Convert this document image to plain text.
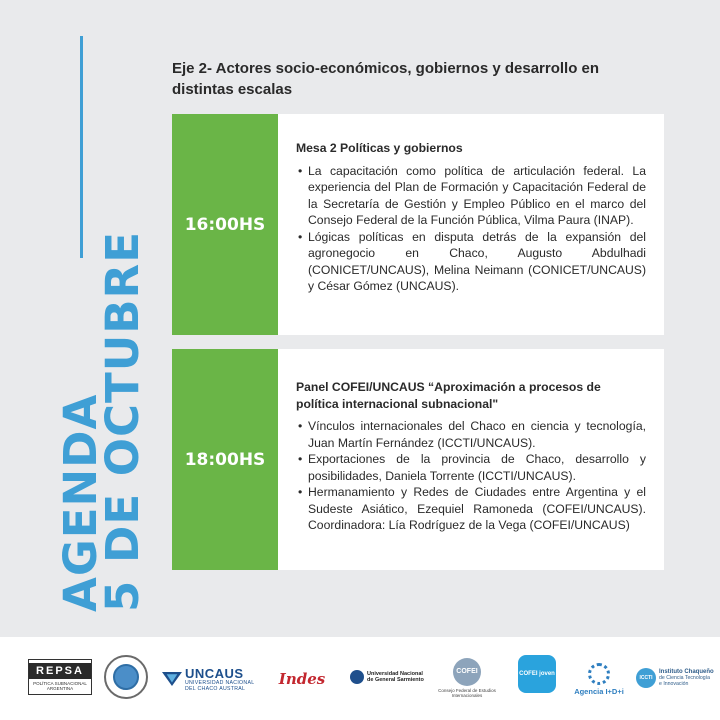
AGENDA
5 DE OCTUBRE
Eje 2- Actores socio-económicos, gobiernos y desarrollo en distintas escalas
16:00HS
Mesa 2 Políticas y gobiernos
• La capacitación como política de articulación federal. La experiencia del Plan de Formación y Capacitación Federal de la Secretaría de Gestión y Empleo Público en el marco del Consejo Federal de la Función Pública, Vilma Paura (INAP).
• Lógicas políticas en disputa detrás de la expansión del agronegocio en Chaco, Augusto Abdulhadi (CONICET/UNCAUS), Melina Neimann (CONICET/UNCAUS) y César Gómez (UNCAUS).
18:00HS
Panel COFEI/UNCAUS “Aproximación a procesos de política internacional subnacional"
• Vínculos internacionales del Chaco en ciencia y tecnología, Juan Martín Fernández (ICCTI/UNCAUS).
• Exportaciones de la provincia de Chaco, desarrollo y posibilidades, Daniela Torrente (ICCTI/UNCAUS).
• Hermanamiento y Redes de Ciudades entre Argentina y el Sudeste Asiático, Ezequiel Ramoneda (COFEI/UNCAUS). Coordinadora: Lía Rodríguez de la Vega (COFEI/UNCAUS)
REPSA
POLÍTICA SUBNACIONAL ARGENTINA
UNCAUS
UNIVERSIDAD NACIONAL DEL CHACO AUSTRAL
Indes	Universidad Nacional de General Sarmiento
COFEI
Consejo Federal de Estudios Internacionales
COFEI joven
Agencia I+D+i
ICCTI
Instituto Chaqueño
de Ciencia Tecnología e Innovación
